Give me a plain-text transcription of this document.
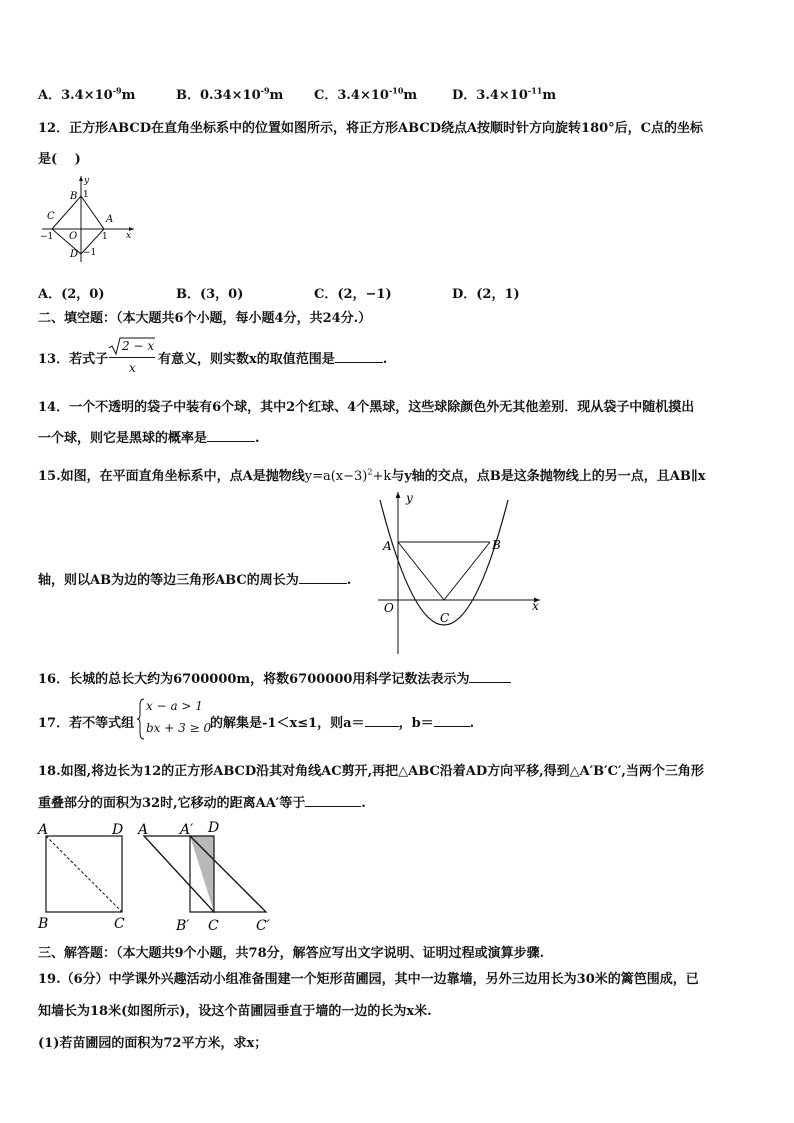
A．$3.4\times 10^{-9}m$	B．$0.34\times 10^{-9}m$ C．$3.4\times 10^{-10}m$	D．$3.4\times 10^{-11}m$
12．正方形ABCD在直角坐标系中的位置如图所示，将正方形ABCD绕点A按顺时针方向旋转180°后，C点的坐标
是(　 )
y
B 1
C	A
−1 O	1 x
D −1
A．(2，0)	B．(3，0)	C．(2，−1)	D．(2，1)
二、填空题：（本大题共6个小题，每小题4分，共24分.）
13．若式子
2 − x
x
有意义，则实数x的取值范围是	.
14．一个不透明的袋子中装有6个球，其中2个红球、4个黑球，这些球除颜色外无其他差别．现从袋子中随机摸出
一个球，则它是黑球的概率是	.
15.如图，在平面直角坐标系中，点A是抛物线$y=a(x-3)^2+k$与y轴的交点，点B是这条抛物线上的另一点，且AB∥x
轴，则以AB为边的等边三角形ABC的周长为	.
y
A	B
O	x
C
16．长城的总长大约为6700000m，将数6700000用科学记数法表示为
17．若不等式组
x − a > 1
bx + 3 ≥ 0
的解集是-1＜x≤1，则a＝	，b＝	.
18.如图,将边长为12的正方形ABCD沿其对角线AC剪开,再把△ABC沿着AD方向平移,得到△A′B′C′,当两个三角形
重叠部分的面积为32时,它移动的距离AA′等于	.
A	D
B	C
A A′ D
B′ C	C′
三、解答题：（本大题共9个小题，共78分，解答应写出文字说明、证明过程或演算步骤.
19.（6分）中学课外兴趣活动小组准备围建一个矩形苗圃园，其中一边靠墙，另外三边用长为30米的篱笆围成，已
知墙长为18米(如图所示)，设这个苗圃园垂直于墙的一边的长为x米.
(1)若苗圃园的面积为72平方米，求x；
